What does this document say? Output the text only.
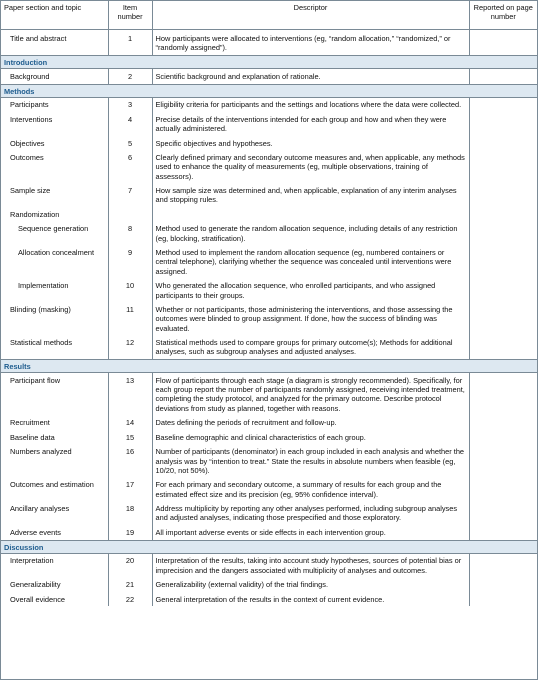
Paper section and topic	Item number	Descriptor	Reported on page number
Title and abstract	1	How participants were allocated to interventions (eg, “random allocation,” “randomized,” or “randomly assigned”).	
Introduction			
Background	2	Scientific background and explanation of rationale.	
Methods			
Participants	3	Eligibility criteria for participants and the settings and locations where the data were collected.	
Interventions	4	Precise details of the interventions intended for each group and how and when they were actually administered.	
Objectives	5	Specific objectives and hypotheses.	
Outcomes	6	Clearly defined primary and secondary outcome measures and, when applicable, any methods used to enhance the quality of measurements (eg, multiple observations, training of assessors).	
Sample size	7	How sample size was determined and, when applicable, explanation of any interim analyses and stopping rules.	
Randomization			
Sequence generation	8	Method used to generate the random allocation sequence, including details of any restriction (eg, blocking, stratification).	
Allocation concealment	9	Method used to implement the random allocation sequence (eg, numbered containers or central telephone), clarifying whether the sequence was concealed until interventions were assigned.	
Implementation	10	Who generated the allocation sequence, who enrolled participants, and who assigned participants to their groups.	
Blinding (masking)	11	Whether or not participants, those administering the interventions, and those assessing the outcomes were blinded to group assignment. If done, how the success of blinding was evaluated.	
Statistical methods	12	Statistical methods used to compare groups for primary outcome(s); Methods for additional analyses, such as subgroup analyses and adjusted analyses.	
Results			
Participant flow	13	Flow of participants through each stage (a diagram is strongly recommended). Specifically, for each group report the number of participants randomly assigned, receiving intended treatment, completing the study protocol, and analyzed for the primary outcome. Describe protocol deviations from study as planned, together with reasons.	
Recruitment	14	Dates defining the periods of recruitment and follow-up.	
Baseline data	15	Baseline demographic and clinical characteristics of each group.	
Numbers analyzed	16	Number of participants (denominator) in each group included in each analysis and whether the analysis was by “intention to treat.” State the results in absolute numbers when feasible (eg, 10/20, not 50%).	
Outcomes and estimation	17	For each primary and secondary outcome, a summary of results for each group and the estimated effect size and its precision (eg, 95% confidence interval).	
Ancillary analyses	18	Address multiplicity by reporting any other analyses performed, including subgroup analyses and adjusted analyses, indicating those prespecified and those exploratory.	
Adverse events	19	All important adverse events or side effects in each intervention group.	
Discussion			
Interpretation	20	Interpretation of the results, taking into account study hypotheses, sources of potential bias or imprecision and the dangers associated with multiplicity of analyses and outcomes.	
Generalizability	21	Generalizability (external validity) of the trial findings.	
Overall evidence	22	General interpretation of the results in the context of current evidence.	
